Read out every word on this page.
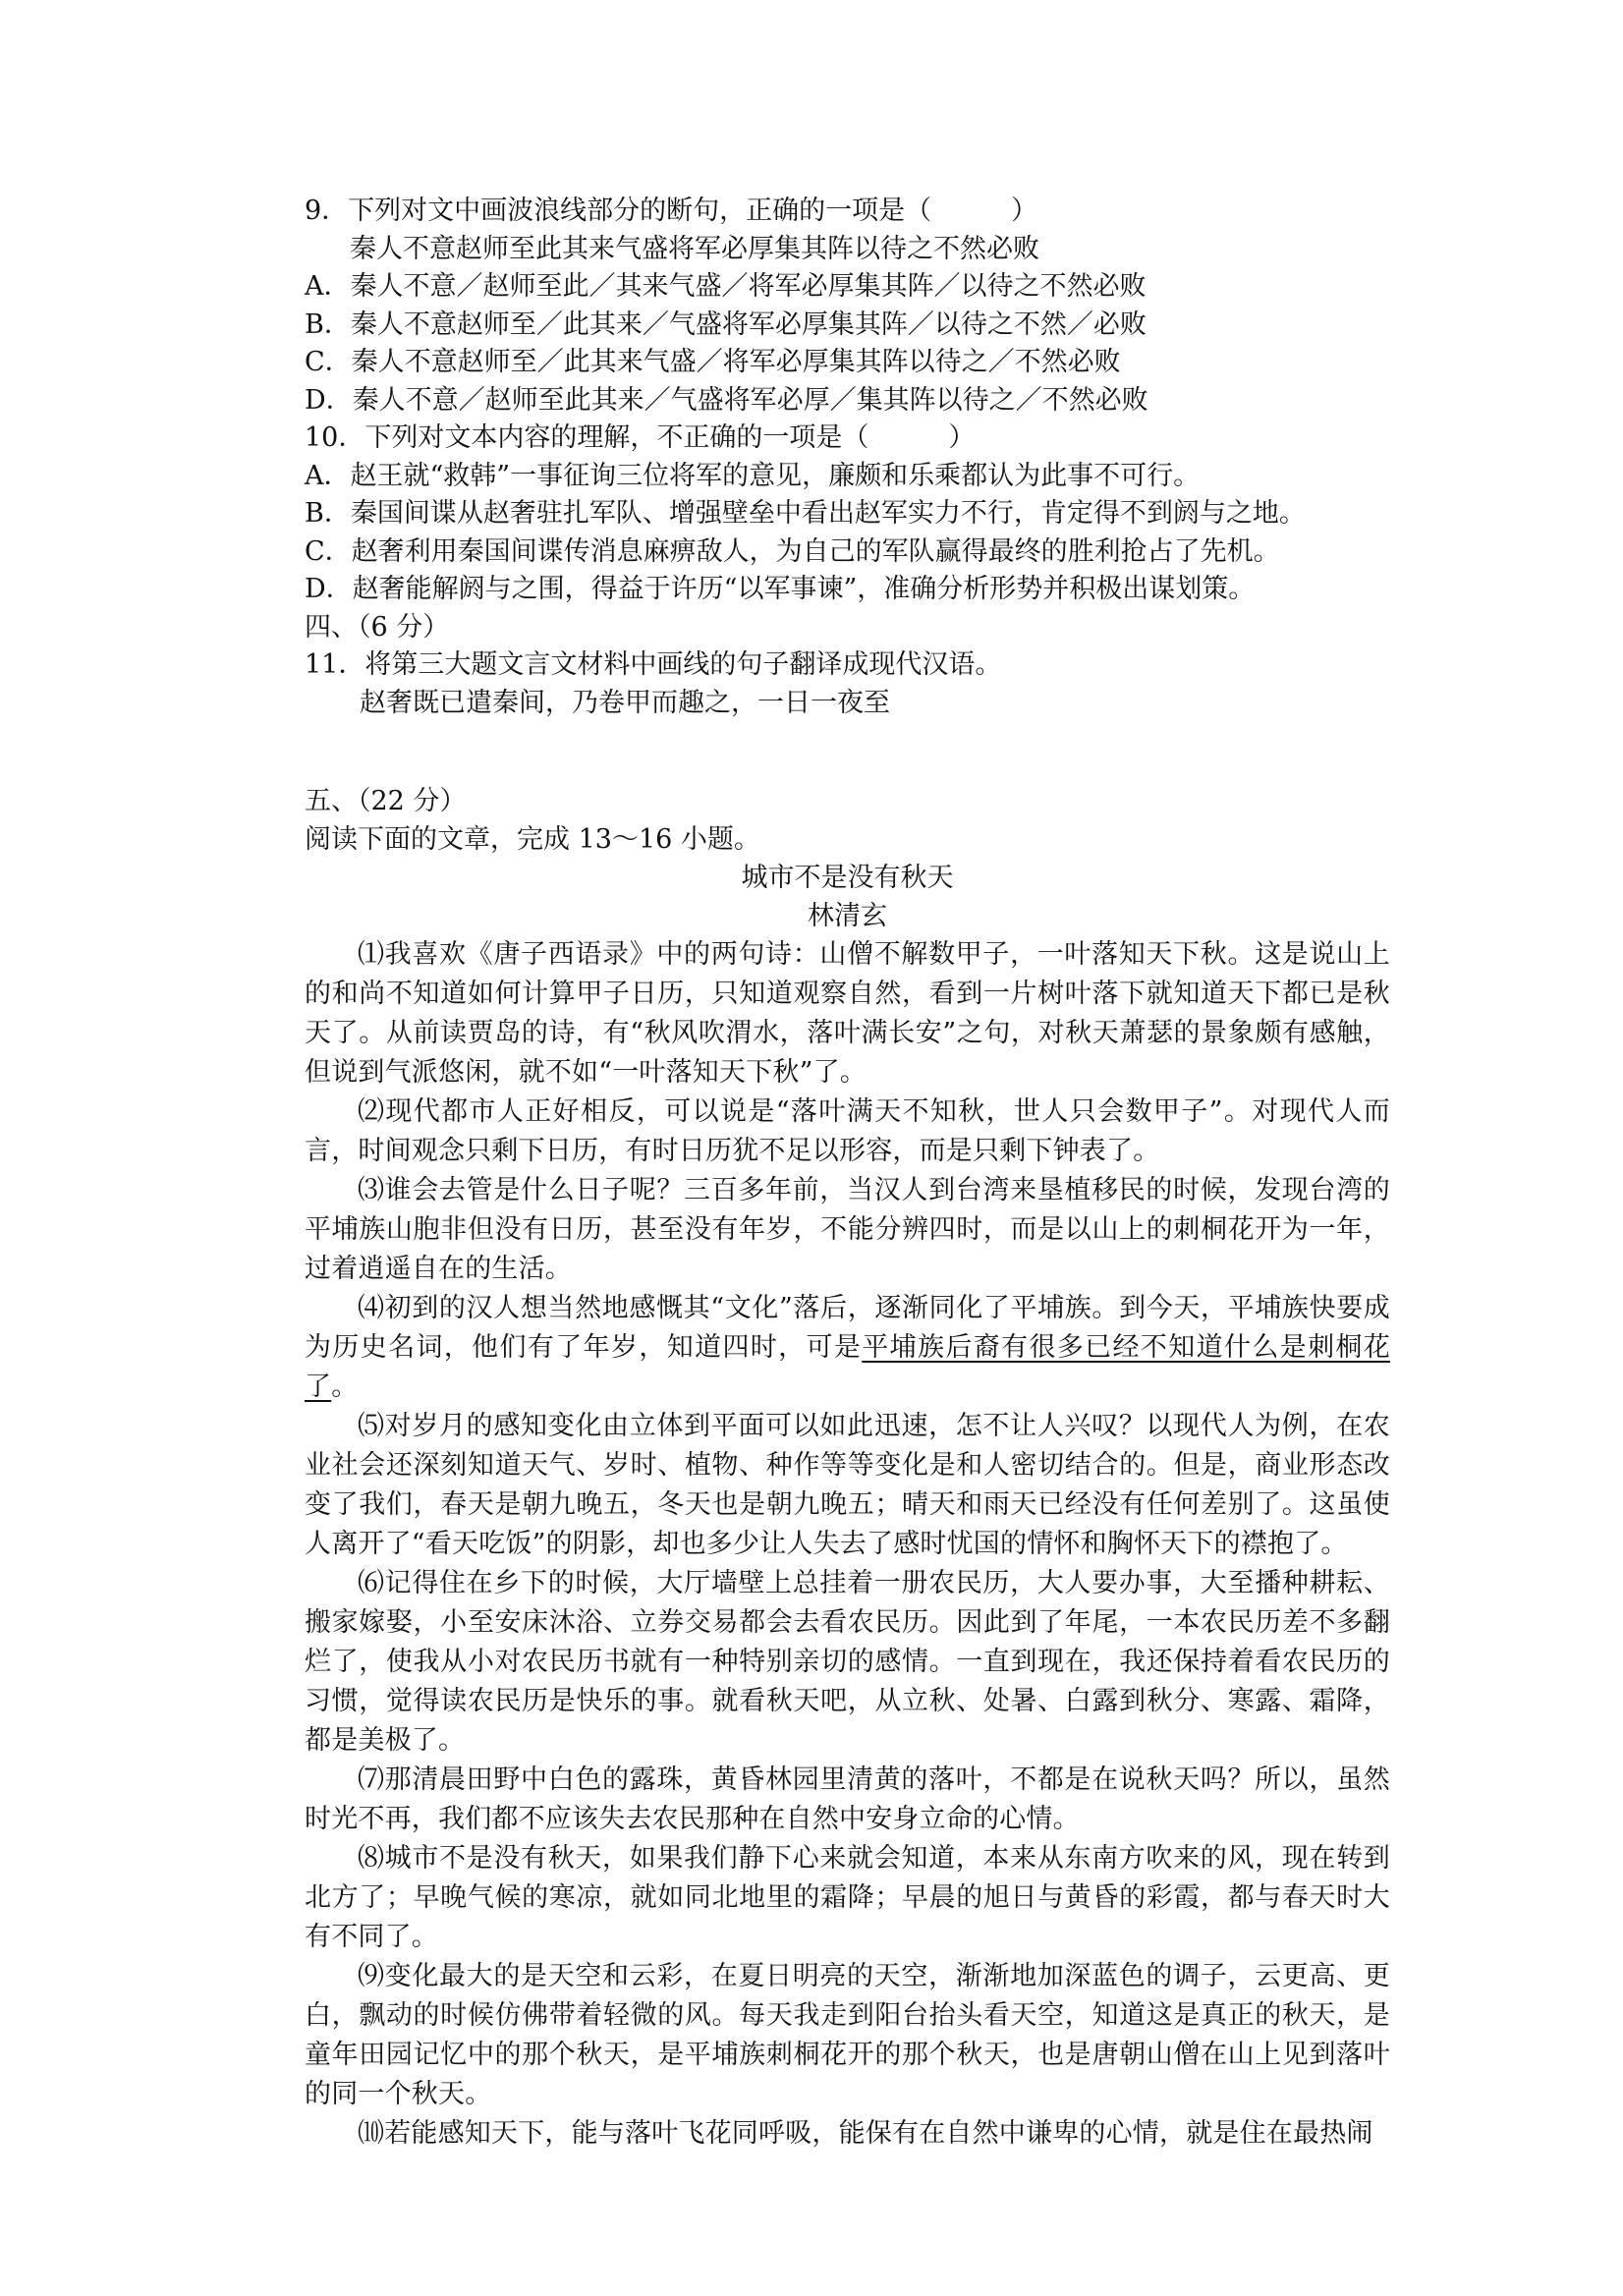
9．下列对文中画波浪线部分的断句，正确的一项是（　　　）

秦人不意赵师至此其来气盛将军必厚集其阵以待之不然必败

A．秦人不意／赵师至此／其来气盛／将军必厚集其阵／以待之不然必败

B．秦人不意赵师至／此其来／气盛将军必厚集其阵／以待之不然／必败

C．秦人不意赵师至／此其来气盛／将军必厚集其阵以待之／不然必败

D．秦人不意／赵师至此其来／气盛将军必厚／集其阵以待之／不然必败

10．下列对文本内容的理解，不正确的一项是（　　　）

A．赵王就“救韩”一事征询三位将军的意见，廉颇和乐乘都认为此事不可行。

B．秦国间谍从赵奢驻扎军队、增强壁垒中看出赵军实力不行，肯定得不到阏与之地。

C．赵奢利用秦国间谍传消息麻痹敌人，为自己的军队赢得最终的胜利抢占了先机。

D．赵奢能解阏与之围，得益于许历“以军事谏”，准确分析形势并积极出谋划策。

四、（6 分）

11．将第三大题文言文材料中画线的句子翻译成现代汉语。

赵奢既已遣秦间，乃卷甲而趣之，一日一夜至

五、（22 分）

阅读下面的文章，完成 13～16 小题。

城市不是没有秋天

林清玄

⑴我喜欢《唐子西语录》中的两句诗：山僧不解数甲子，一叶落知天下秋。这是说山上的和尚不知道如何计算甲子日历，只知道观察自然，看到一片树叶落下就知道天下都已是秋天了。从前读贾岛的诗，有“秋风吹渭水，落叶满长安”之句，对秋天萧瑟的景象颇有感触，但说到气派悠闲，就不如“一叶落知天下秋”了。

⑵现代都市人正好相反，可以说是“落叶满天不知秋，世人只会数甲子”。对现代人而言，时间观念只剩下日历，有时日历犹不足以形容，而是只剩下钟表了。

⑶谁会去管是什么日子呢？三百多年前，当汉人到台湾来垦植移民的时候，发现台湾的平埔族山胞非但没有日历，甚至没有年岁，不能分辨四时，而是以山上的刺桐花开为一年，过着逍遥自在的生活。

⑷初到的汉人想当然地感慨其“文化”落后，逐渐同化了平埔族。到今天，平埔族快要成为历史名词，他们有了年岁，知道四时，可是平埔族后裔有很多已经不知道什么是刺桐花了。

⑸对岁月的感知变化由立体到平面可以如此迅速，怎不让人兴叹？以现代人为例，在农业社会还深刻知道天气、岁时、植物、种作等等变化是和人密切结合的。但是，商业形态改变了我们，春天是朝九晚五，冬天也是朝九晚五；晴天和雨天已经没有任何差别了。这虽使人离开了“看天吃饭”的阴影，却也多少让人失去了感时忧国的情怀和胸怀天下的襟抱了。

⑹记得住在乡下的时候，大厅墙壁上总挂着一册农民历，大人要办事，大至播种耕耘、搬家嫁娶，小至安床沐浴、立券交易都会去看农民历。因此到了年尾，一本农民历差不多翻烂了，使我从小对农民历书就有一种特别亲切的感情。一直到现在，我还保持着看农民历的习惯，觉得读农民历是快乐的事。就看秋天吧，从立秋、处暑、白露到秋分、寒露、霜降，都是美极了。

⑺那清晨田野中白色的露珠，黄昏林园里清黄的落叶，不都是在说秋天吗？所以，虽然时光不再，我们都不应该失去农民那种在自然中安身立命的心情。

⑻城市不是没有秋天，如果我们静下心来就会知道，本来从东南方吹来的风，现在转到北方了；早晚气候的寒凉，就如同北地里的霜降；早晨的旭日与黄昏的彩霞，都与春天时大有不同了。

⑼变化最大的是天空和云彩，在夏日明亮的天空，渐渐地加深蓝色的调子，云更高、更白，飘动的时候仿佛带着轻微的风。每天我走到阳台抬头看天空，知道这是真正的秋天，是童年田园记忆中的那个秋天，是平埔族刺桐花开的那个秋天，也是唐朝山僧在山上见到落叶的同一个秋天。

⑽若能感知天下，能与落叶飞花同呼吸，能保有在自然中谦卑的心情，就是住在最热闹
